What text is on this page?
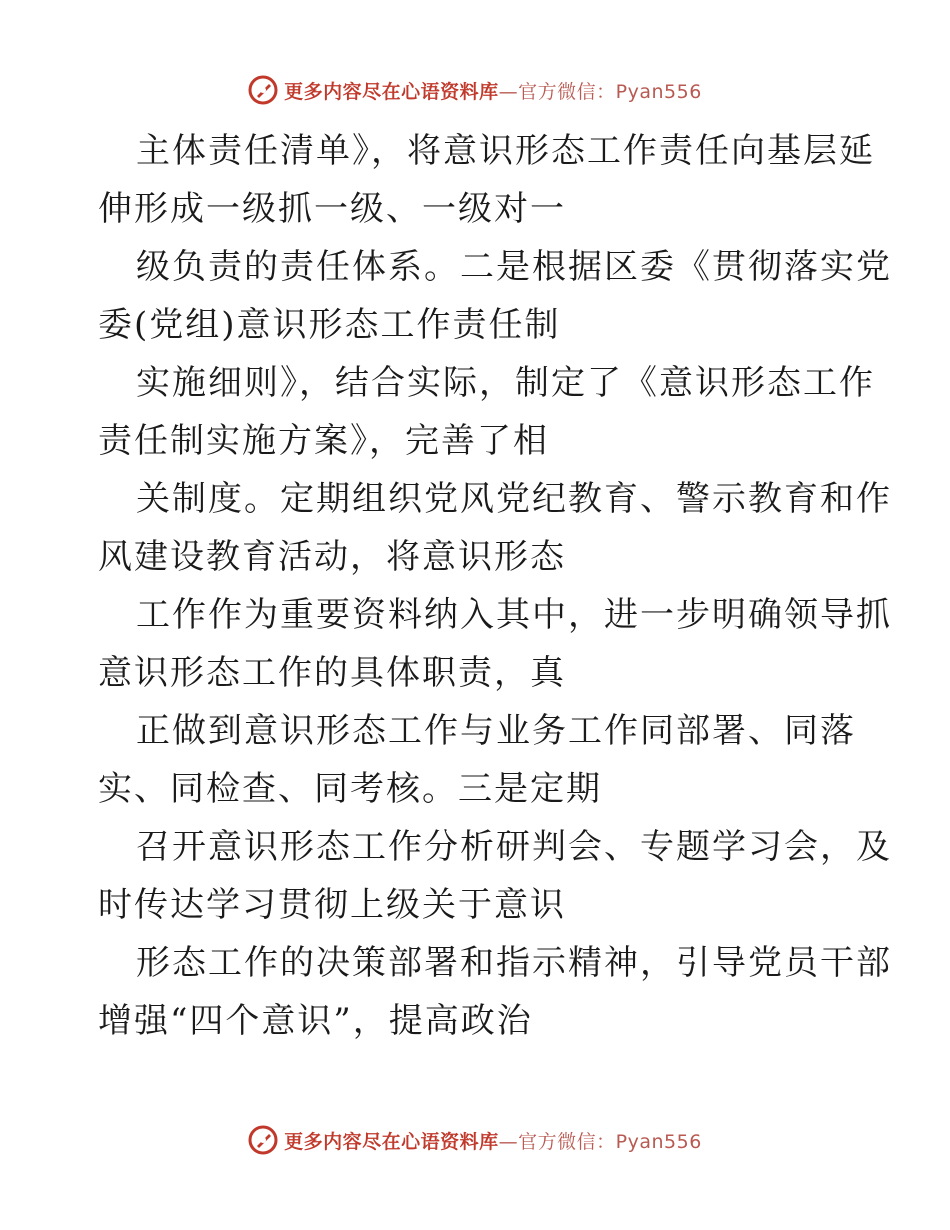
更多内容尽在心语资料库—官方微信：Pyan556
主体责任清单》，将意识形态工作责任向基层延
伸形成一级抓一级、一级对一
级负责的责任体系。二是根据区委《贯彻落实党
委(党组)意识形态工作责任制
实施细则》，结合实际，制定了《意识形态工作
责任制实施方案》，完善了相
关制度。定期组织党风党纪教育、警示教育和作
风建设教育活动，将意识形态
工作作为重要资料纳入其中，进一步明确领导抓
意识形态工作的具体职责，真
正做到意识形态工作与业务工作同部署、同落
实、同检查、同考核。三是定期
召开意识形态工作分析研判会、专题学习会，及
时传达学习贯彻上级关于意识
形态工作的决策部署和指示精神，引导党员干部
增强“四个意识”，提高政治
更多内容尽在心语资料库—官方微信：Pyan556
